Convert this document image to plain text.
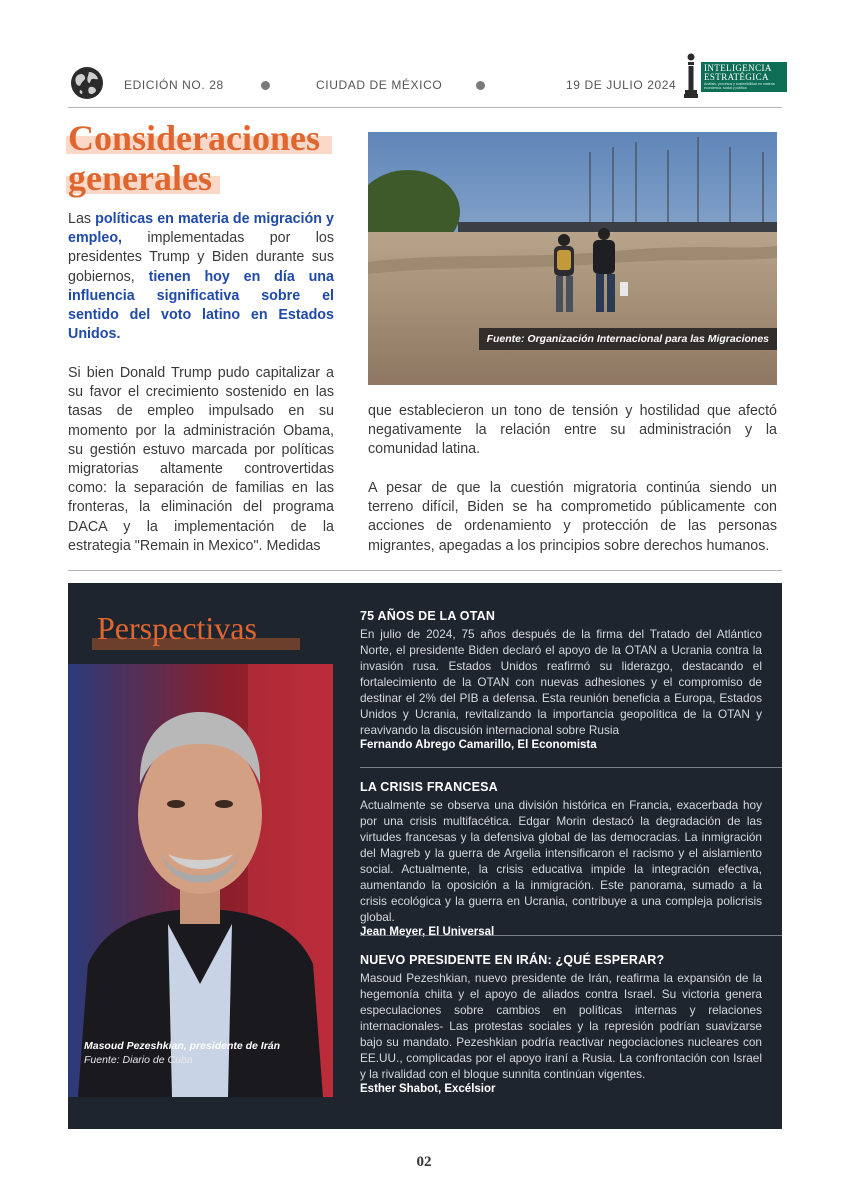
EDICIÓN NO. 28	CIUDAD DE MÉXICO	19 DE JULIO 2024
INTELIGENCIA
ESTRATÉGICA
Análisis, procesos y sostenibilidad en materia económica, social y política
Consideraciones
generales
Las políticas en materia de migración y empleo, implementadas por los presidentes Trump y Biden durante sus gobiernos, tienen hoy en día una influencia significativa sobre el sentido del voto latino en Estados Unidos.
Si bien Donald Trump pudo capitalizar a su favor el crecimiento sostenido en las tasas de empleo impulsado en su momento por la administración Obama, su gestión estuvo marcada por políticas migratorias altamente controvertidas como: la separación de familias en las fronteras, la eliminación del programa DACA y la implementación de la estrategia "Remain in Mexico". Medidas
Fuente: Organización Internacional para las Migraciones
que establecieron un tono de tensión y hostilidad que afectó negativamente la relación entre su administración y la comunidad latina.
A pesar de que la cuestión migratoria continúa siendo un terreno difícil, Biden se ha comprometido públicamente con acciones de ordenamiento y protección de las personas migrantes, apegadas a los principios sobre derechos humanos.
Perspectivas
Masoud Pezeshkian, presidente de Irán
Fuente: Diario de Cuba
75 AÑOS DE LA OTAN
En julio de 2024, 75 años después de la firma del Tratado del Atlántico Norte, el presidente Biden declaró el apoyo de la OTAN a Ucrania contra la invasión rusa. Estados Unidos reafirmó su liderazgo, destacando el fortalecimiento de la OTAN con nuevas adhesiones y el compromiso de destinar el 2% del PIB a defensa. Esta reunión beneficia a Europa, Estados Unidos y Ucrania, revitalizando la importancia geopolítica de la OTAN y reavivando la discusión internacional sobre Rusia
Fernando Abrego Camarillo, El Economista
LA CRISIS FRANCESA
Actualmente se observa una división histórica en Francia, exacerbada hoy por una crisis multifacética. Edgar Morin destacó la degradación de las virtudes francesas y la defensiva global de las democracias. La inmigración del Magreb y la guerra de Argelia intensificaron el racismo y el aislamiento social. Actualmente, la crisis educativa impide la integración efectiva, aumentando la oposición a la inmigración. Este panorama, sumado a la crisis ecológica y la guerra en Ucrania, contribuye a una compleja policrisis global.
Jean Meyer, El Universal
NUEVO PRESIDENTE EN IRÁN: ¿QUÉ ESPERAR?
Masoud Pezeshkian, nuevo presidente de Irán, reafirma la expansión de la hegemonía chiita y el apoyo de aliados contra Israel. Su victoria genera especulaciones sobre cambios en políticas internas y relaciones internacionales- Las protestas sociales y la represión podrían suavizarse bajo su mandato. Pezeshkian podría reactivar negociaciones nucleares con EE.UU., complicadas por el apoyo iraní a Rusia. La confrontación con Israel y la rivalidad con el bloque sunnita continúan vigentes.
Esther Shabot, Excélsior
02
